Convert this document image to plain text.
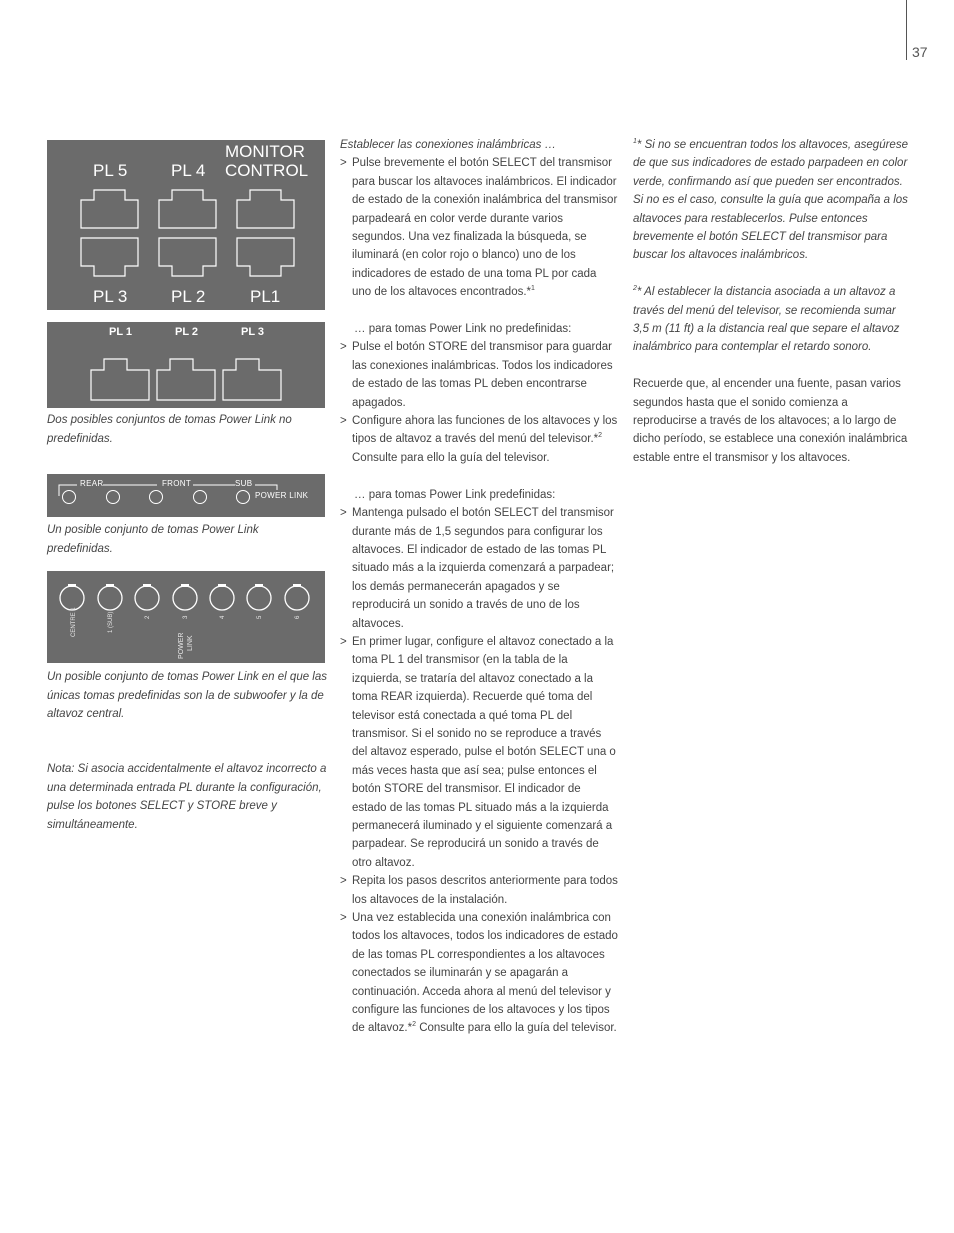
37
PL 5	PL 4
MONITOR
CONTROL
PL 3	PL 2	PL1
PL 1	PL 2	PL 3

Dos posibles conjuntos de tomas Power Link no predefinidas.

REAR	FRONT	SUB
POWER LINK

Un posible conjunto de tomas Power Link predefinidas.

CENTRE 1	1 (SUB)	2	3	4	5	6
POWER LINK

Un posible conjunto de tomas Power Link en el que las únicas tomas predefinidas son la de subwoofer y la de altavoz central.

Nota: Si asocia accidentalmente el altavoz incorrecto a una determinada entrada PL durante la configuración, pulse los botones SELECT y STORE breve y simultáneamente.

Establecer las conexiones inalámbricas …

> Pulse brevemente el botón SELECT del transmisor para buscar los altavoces inalámbricos. El indicador de estado de la conexión inalámbrica del transmisor parpadeará en color verde durante varios segundos. Una vez finalizada la búsqueda, se iluminará (en color rojo o blanco) uno de los indicadores de estado de una toma PL por cada uno de los altavoces encontrados.*$^1$

… para tomas Power Link no predefinidas:

> Pulse el botón STORE del transmisor para guardar las conexiones inalámbricas. Todos los indicadores de estado de las tomas PL deben encontrarse apagados.
> Configure ahora las funciones de los altavoces y los tipos de altavoz a través del menú del televisor.*$^2$ Consulte para ello la guía del televisor.

… para tomas Power Link predefinidas:

> Mantenga pulsado el botón SELECT del transmisor durante más de 1,5 segundos para configurar los altavoces. El indicador de estado de las tomas PL situado más a la izquierda comenzará a parpadear; los demás permanecerán apagados y se reproducirá un sonido a través de uno de los altavoces.
> En primer lugar, configure el altavoz conectado a la toma PL 1 del transmisor (en la tabla de la izquierda, se trataría del altavoz conectado a la toma REAR izquierda). Recuerde qué toma del televisor está conectada a qué toma PL del transmisor. Si el sonido no se reproduce a través del altavoz esperado, pulse el botón SELECT una o más veces hasta que así sea; pulse entonces el botón STORE del transmisor. El indicador de estado de las tomas PL situado más a la izquierda permanecerá iluminado y el siguiente comenzará a parpadear. Se reproducirá un sonido a través de otro altavoz.
> Repita los pasos descritos anteriormente para todos los altavoces de la instalación.
> Una vez establecida una conexión inalámbrica con todos los altavoces, todos los indicadores de estado de las tomas PL correspondientes a los altavoces conectados se iluminarán y se apagarán a continuación. Acceda ahora al menú del televisor y configure las funciones de los altavoces y los tipos de altavoz.*$^2$ Consulte para ello la guía del televisor.

$^1$* Si no se encuentran todos los altavoces, asegúrese de que sus indicadores de estado parpadeen en color verde, confirmando así que pueden ser encontrados. Si no es el caso, consulte la guía que acompaña a los altavoces para restablecerlos. Pulse entonces brevemente el botón SELECT del transmisor para buscar los altavoces inalámbricos.

$^2$* Al establecer la distancia asociada a un altavoz a través del menú del televisor, se recomienda sumar 3,5 m (11 ft) a la distancia real que separe el altavoz inalámbrico para contemplar el retardo sonoro.

Recuerde que, al encender una fuente, pasan varios segundos hasta que el sonido comienza a reproducirse a través de los altavoces; a lo largo de dicho período, se establece una conexión inalámbrica estable entre el transmisor y los altavoces.
